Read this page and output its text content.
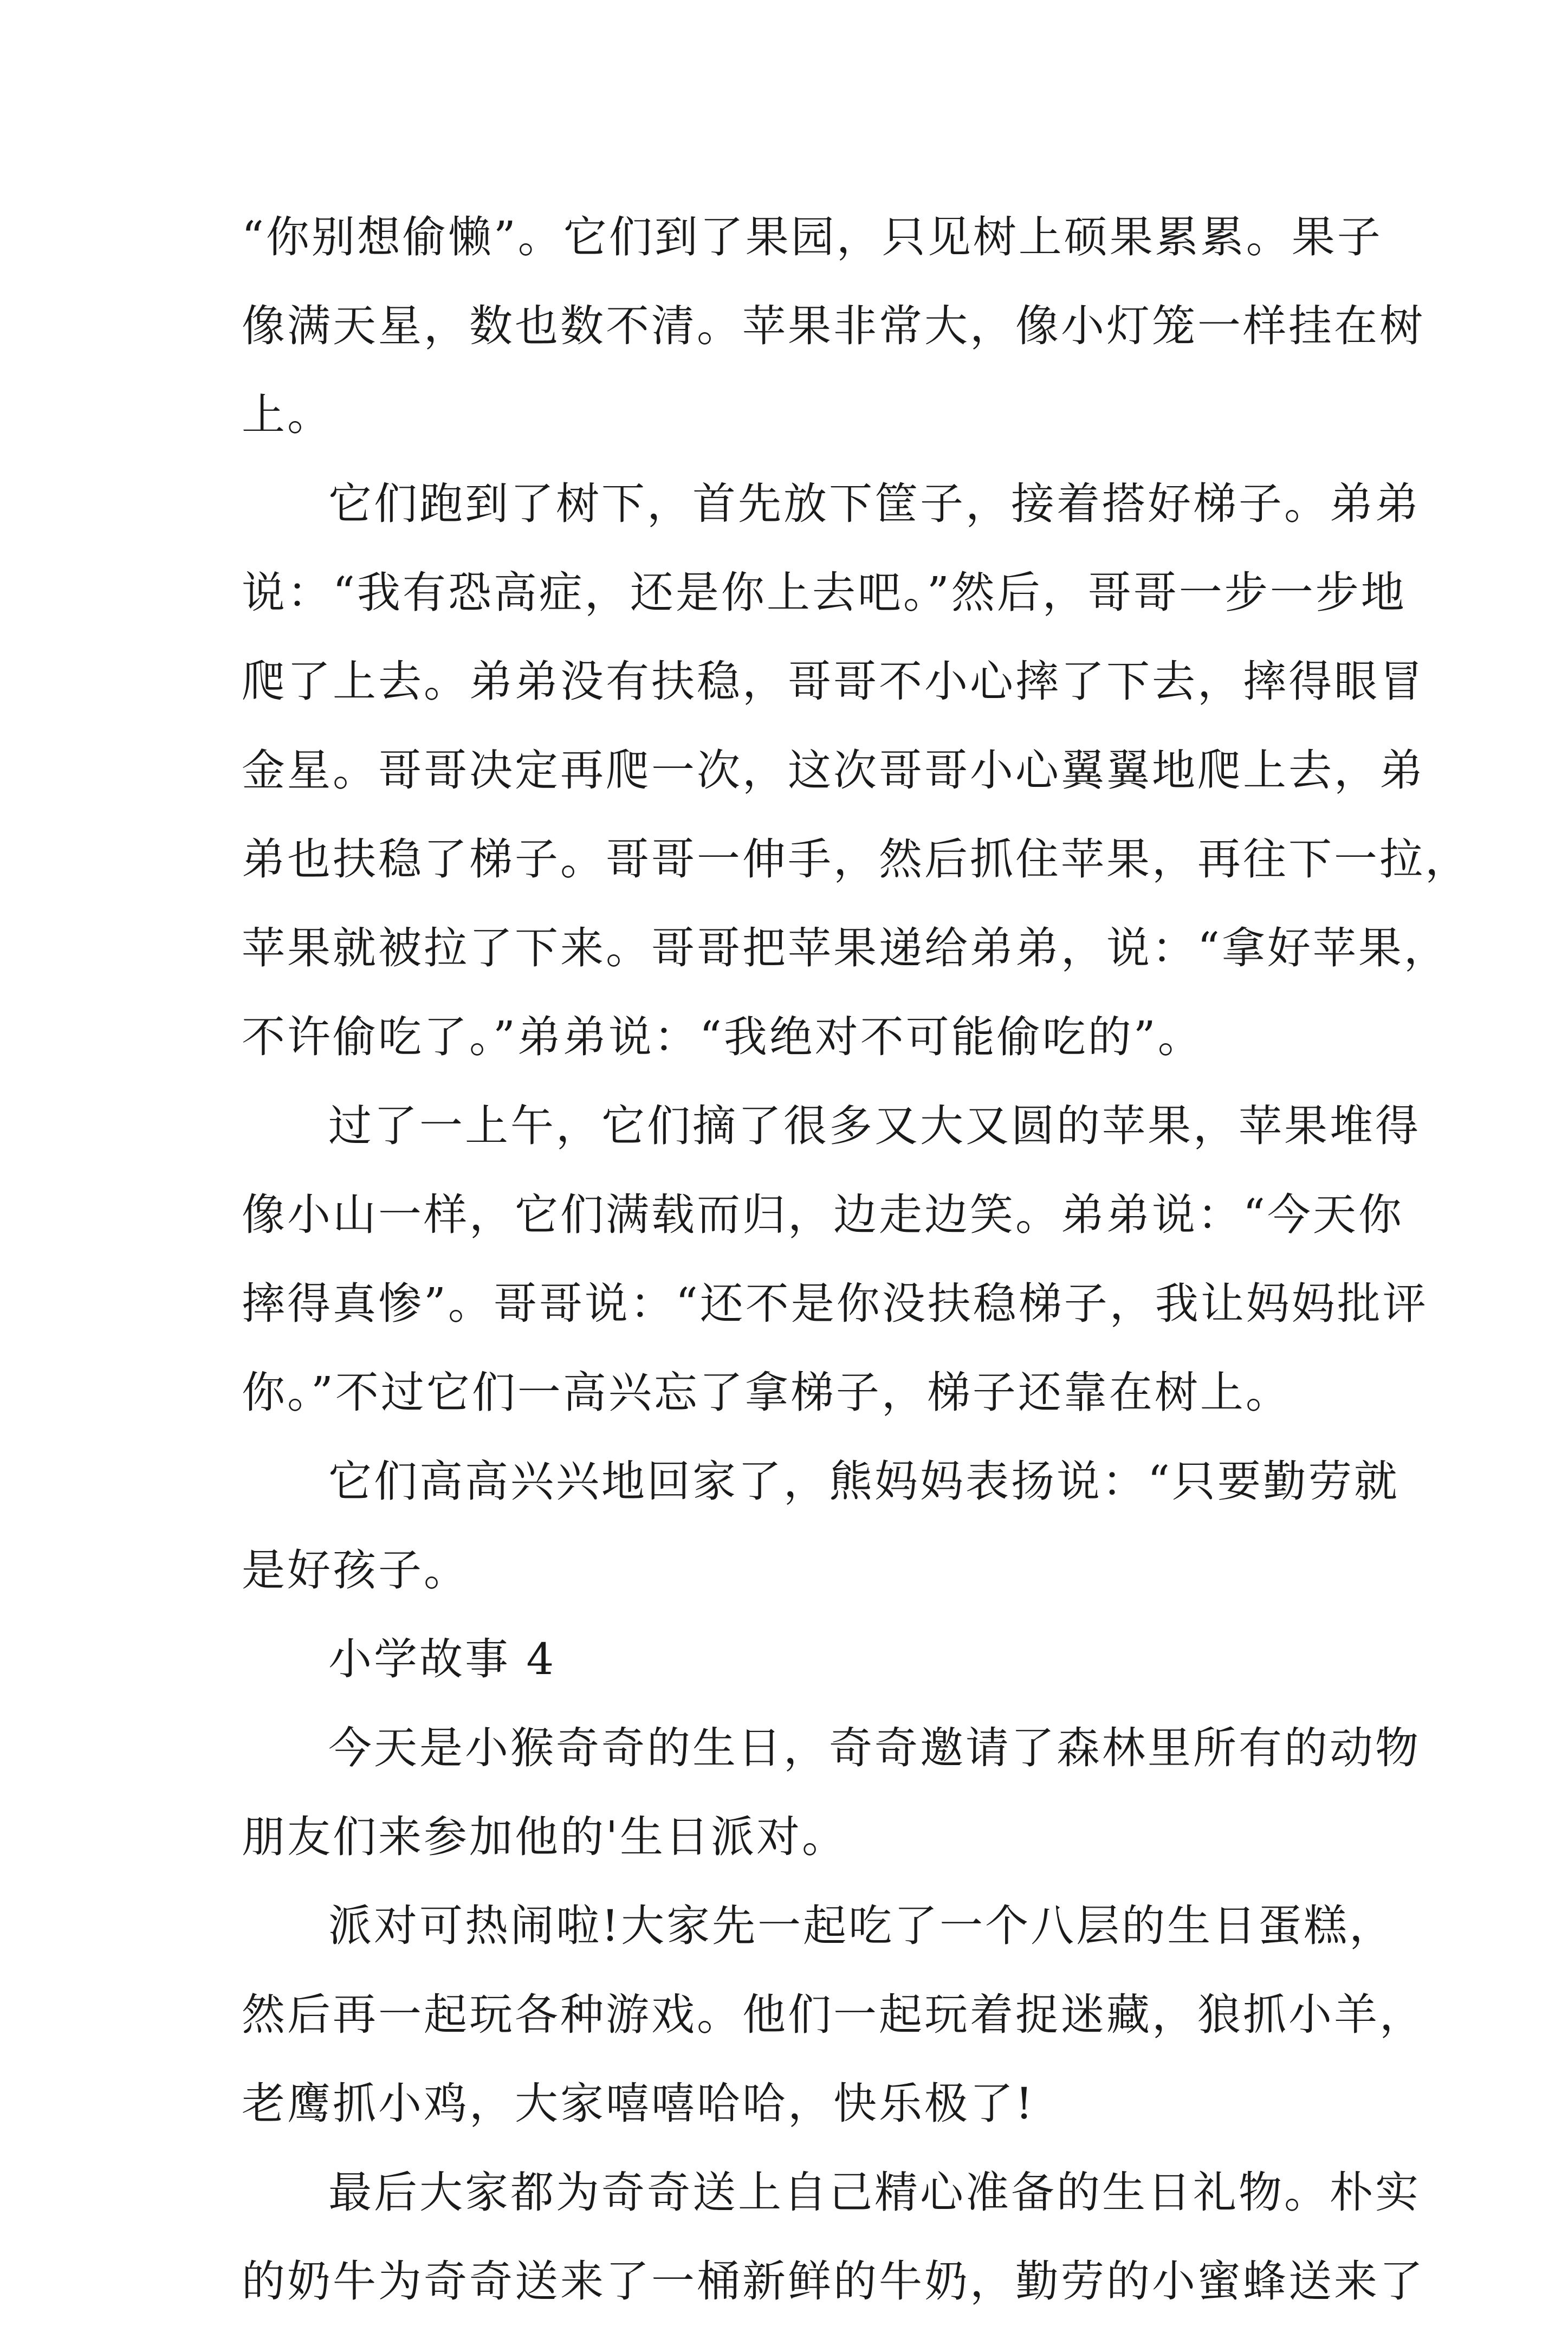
“你别想偷懒”。它们到了果园，只见树上硕果累累。果子
像满天星，数也数不清。苹果非常大，像小灯笼一样挂在树
上。
它们跑到了树下，首先放下筐子，接着搭好梯子。弟弟
说：“我有恐高症，还是你上去吧。”然后，哥哥一步一步地
爬了上去。弟弟没有扶稳，哥哥不小心摔了下去，摔得眼冒
金星。哥哥决定再爬一次，这次哥哥小心翼翼地爬上去，弟
弟也扶稳了梯子。哥哥一伸手，然后抓住苹果，再往下一拉，
苹果就被拉了下来。哥哥把苹果递给弟弟，说：“拿好苹果，
不许偷吃了。”弟弟说：“我绝对不可能偷吃的”。
过了一上午，它们摘了很多又大又圆的苹果，苹果堆得
像小山一样，它们满载而归，边走边笑。弟弟说：“今天你
摔得真惨”。哥哥说：“还不是你没扶稳梯子，我让妈妈批评
你。”不过它们一高兴忘了拿梯子，梯子还靠在树上。
它们高高兴兴地回家了，熊妈妈表扬说：“只要勤劳就
是好孩子。
小学故事 4
今天是小猴奇奇的生日，奇奇邀请了森林里所有的动物
朋友们来参加他的'生日派对。
派对可热闹啦!大家先一起吃了一个八层的生日蛋糕，
然后再一起玩各种游戏。他们一起玩着捉迷藏，狼抓小羊，
老鹰抓小鸡，大家嘻嘻哈哈，快乐极了!
最后大家都为奇奇送上自己精心准备的生日礼物。朴实
的奶牛为奇奇送来了一桶新鲜的牛奶，勤劳的小蜜蜂送来了
